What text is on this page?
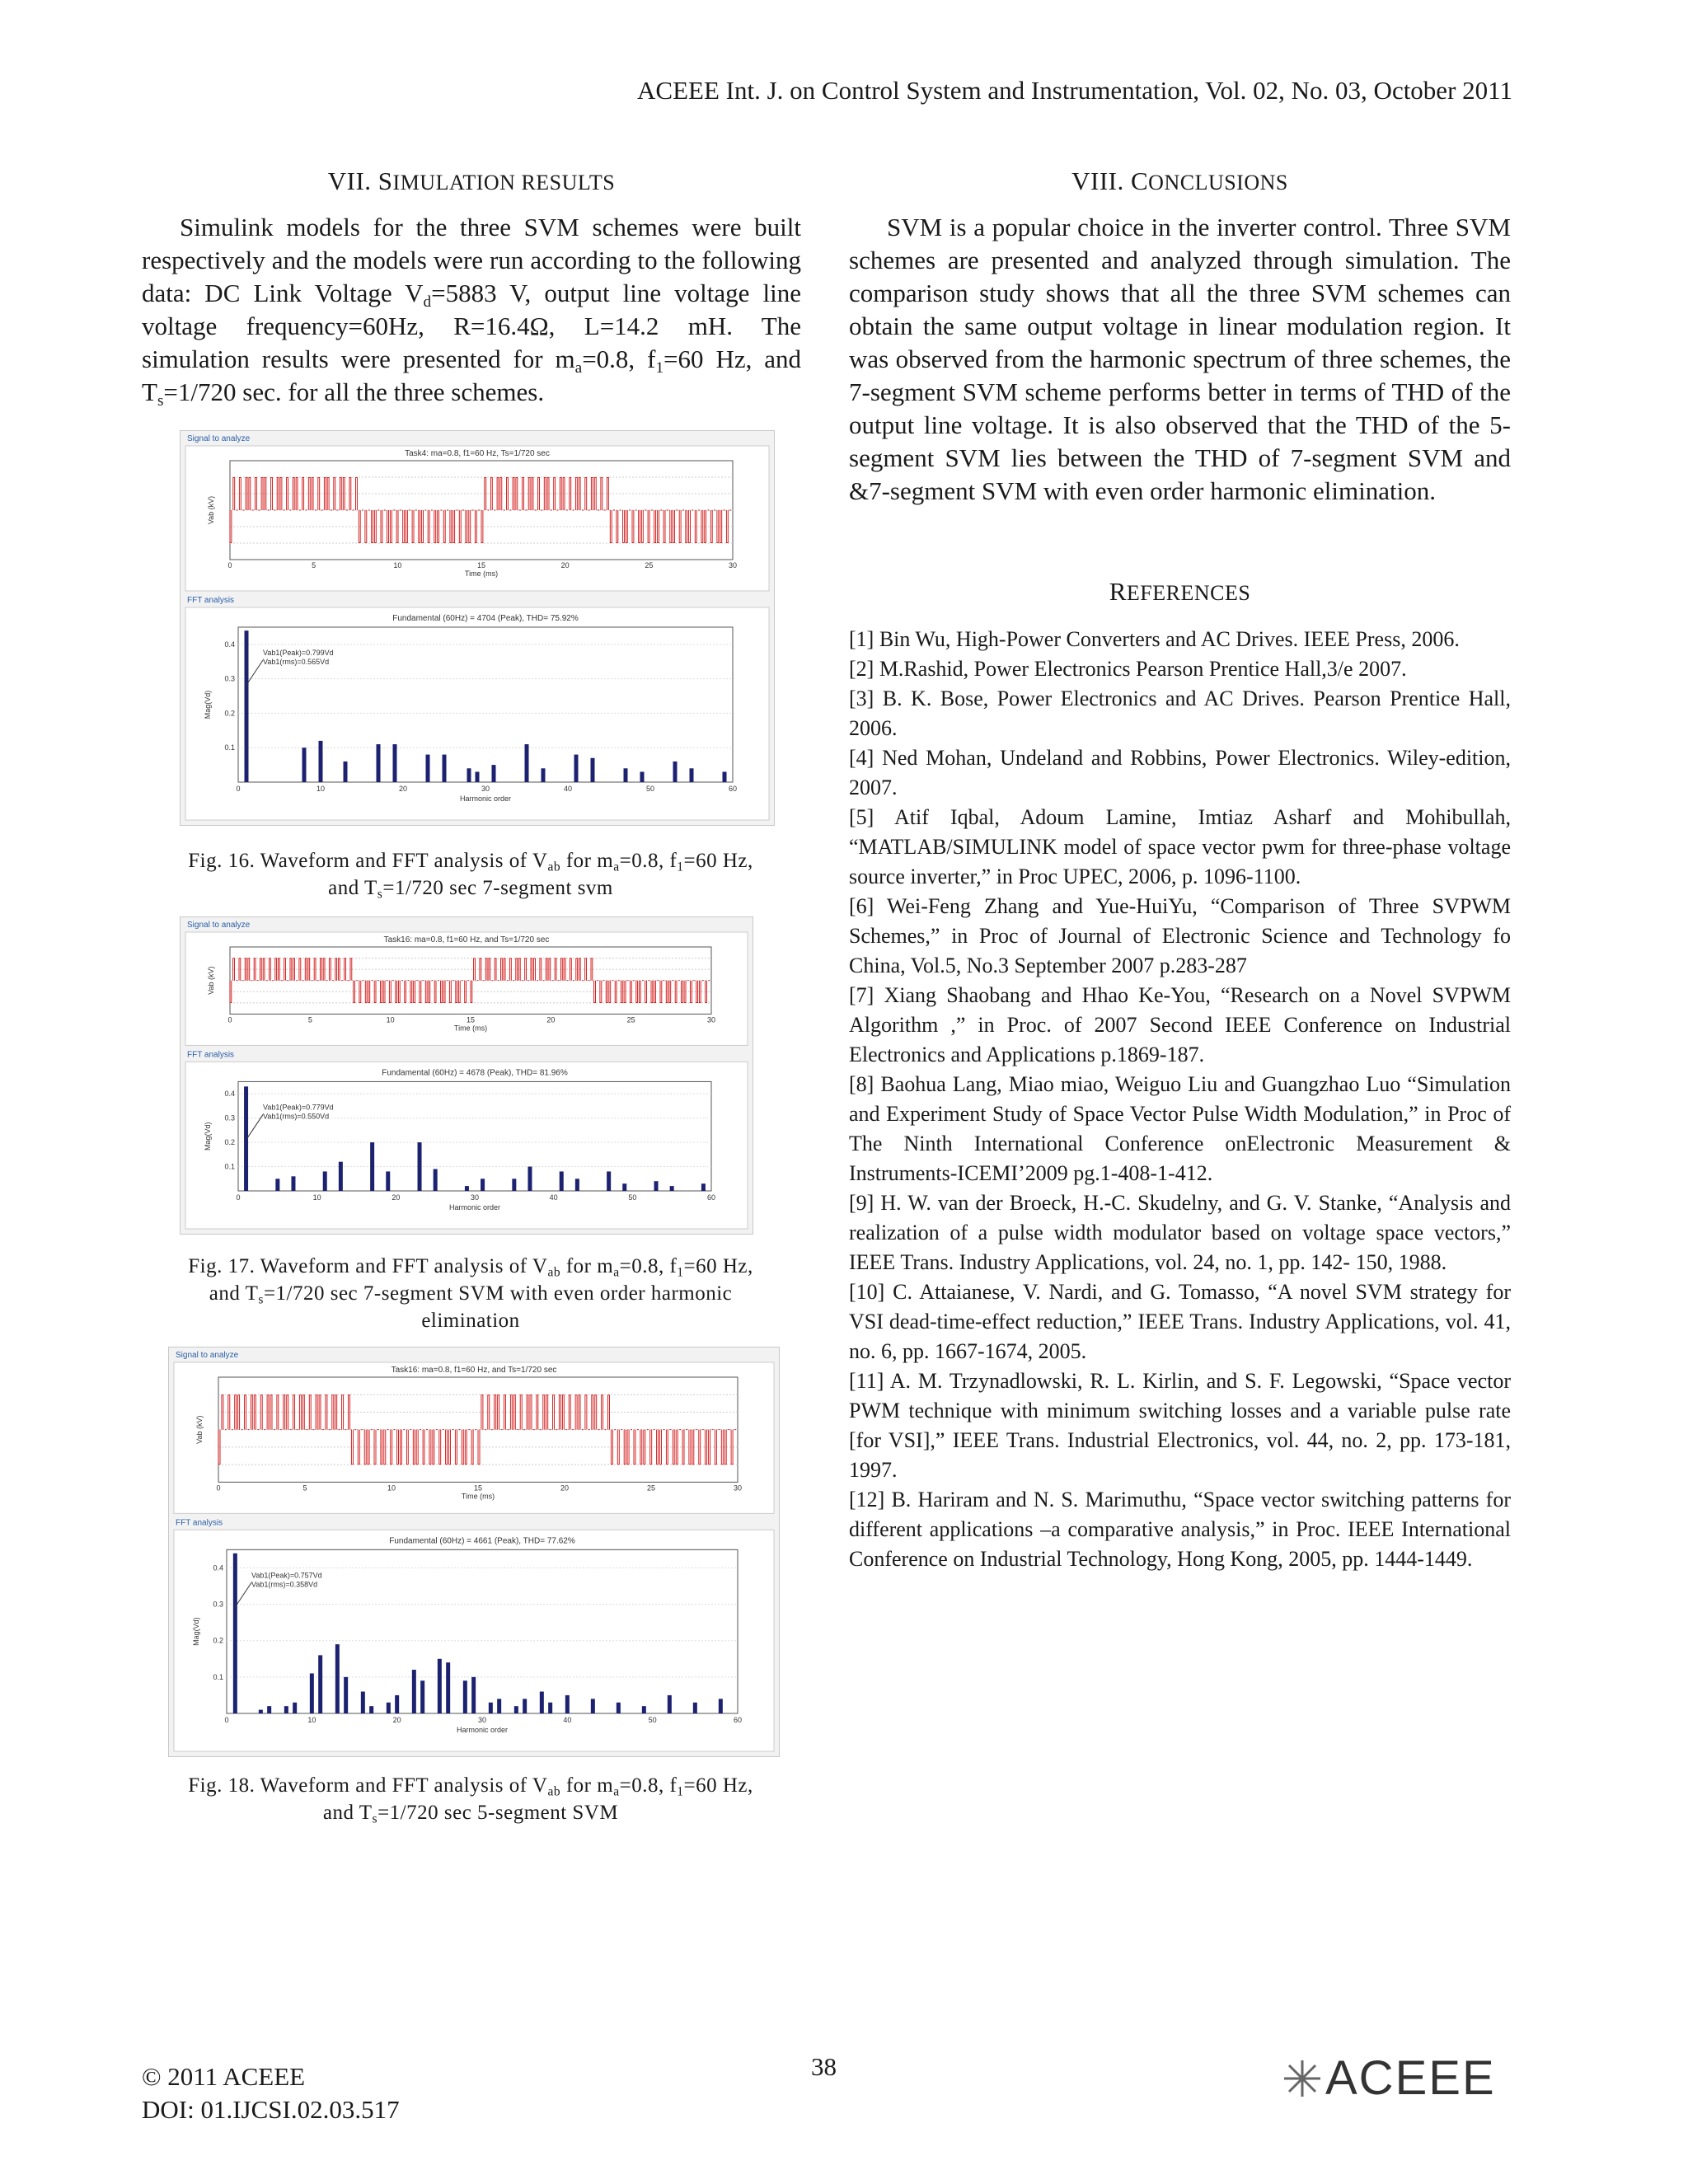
ACEEE Int. J. on Control System and Instrumentation, Vol. 02, No. 03, October 2011
VII. SIMULATION RESULTS

Simulink models for the three SVM schemes were built respectively and the models were run according to the following data: DC Link Voltage $V_d=5883$ V, output line voltage line voltage frequency=60Hz, R=16.4Ω, L=14.2 mH. The simulation results were presented for $m_a=0.8$, $f_1=60$ Hz, and $T_s=1/720$ sec. for all the three schemes.

VIII. CONCLUSIONS

SVM is a popular choice in the inverter control. Three SVM schemes are presented and analyzed through simulation. The comparison study shows that all the three SVM schemes can obtain the same output voltage in linear modulation region. It was observed from the harmonic spectrum of three schemes, the 7-segment SVM scheme performs better in terms of THD of the output line voltage. It is also observed that the THD of the 5-segment SVM lies between the THD of 7-segment SVM and &7-segment SVM with even order harmonic elimination.

REFERENCES

[1] Bin Wu, High-Power Converters and AC Drives. IEEE Press, 2006.

[2] M.Rashid, Power Electronics Pearson Prentice Hall,3/e 2007.

[3] B. K. Bose, Power Electronics and AC Drives. Pearson Prentice Hall, 2006.

[4] Ned Mohan, Undeland and Robbins, Power Electronics. Wiley-edition, 2007.

[5] Atif Iqbal, Adoum Lamine, Imtiaz Asharf and Mohibullah, “MATLAB/SIMULINK model of space vector pwm for three-phase voltage source inverter,” in Proc UPEC, 2006, p. 1096-1100.

[6] Wei-Feng Zhang and Yue-HuiYu, “Comparison of Three SVPWM Schemes,” in Proc of Journal of Electronic Science and Technology fo China, Vol.5, No.3 September 2007 p.283-287

[7] Xiang Shaobang and Hhao Ke-You, “Research on a Novel SVPWM Algorithm ,” in Proc. of 2007 Second IEEE Conference on Industrial Electronics and Applications p.1869-187.

[8] Baohua Lang, Miao miao, Weiguo Liu and Guangzhao Luo “Simulation and Experiment Study of Space Vector Pulse Width Modulation,” in Proc of The Ninth International Conference onElectronic Measurement & Instruments-ICEMI’2009 pg.1-408-1-412.

[9] H. W. van der Broeck, H.-C. Skudelny, and G. V. Stanke, “Analysis and realization of a pulse width modulator based on voltage space vectors,” IEEE Trans. Industry Applications, vol. 24, no. 1, pp. 142- 150, 1988.

[10] C. Attaianese, V. Nardi, and G. Tomasso, “A novel SVM strategy for VSI dead-time-effect reduction,” IEEE Trans. Industry Applications, vol. 41, no. 6, pp. 1667-1674, 2005.

[11] A. M. Trzynadlowski, R. L. Kirlin, and S. F. Legowski, “Space vector PWM technique with minimum switching losses and a variable pulse rate [for VSI],” IEEE Trans. Industrial Electronics, vol. 44, no. 2, pp. 173-181, 1997.

[12] B. Hariram and N. S. Marimuthu, “Space vector switching patterns for different applications –a comparative analysis,” in Proc. IEEE International Conference on Industrial Technology, Hong Kong, 2005, pp. 1444-1449.

Signal to analyze
Task4: ma=0.8, f1=60 Hz, Ts=1/720 sec
0	5	10	15	20	25	30
Time (ms)
Vab (kV)
FFT analysis
Fundamental (60Hz) = 4704 (Peak), THD= 75.92%
0.1
0.2
0.3
0.4
0	10	20	30	40	50	60
Harmonic order
Mag(Vd)
Vab1(Peak)=0.799Vd
Vab1(rms)=0.565Vd
Fig. 16. Waveform and FFT analysis of $V_{ab}$ for $m_a=0.8$, $f_1=60$ Hz,
and $T_s=1/720$ sec 7-segment svm
Signal to analyze
Task16: ma=0.8, f1=60 Hz, and Ts=1/720 sec
0	5	10	15	20	25	30
Time (ms)
Vab (kV)
FFT analysis
Fundamental (60Hz) = 4678 (Peak), THD= 81.96%
0.1
0.2
0.3
0.4
0	10	20	30	40	50	60
Harmonic order
Mag(Vd)
Vab1(Peak)=0.779Vd
Vab1(rms)=0.550Vd
Fig. 17. Waveform and FFT analysis of $V_{ab}$ for $m_a=0.8$, $f_1=60$ Hz,
and $T_s=1/720$ sec 7-segment SVM with even order harmonic
elimination
Signal to analyze
Task16: ma=0.8, f1=60 Hz, and Ts=1/720 sec
0	5	10	15	20	25	30
Time (ms)
Vab (kV)
FFT analysis
Fundamental (60Hz) = 4661 (Peak), THD= 77.62%
0.1
0.2
0.3
0.4
0	10	20	30	40	50	60
Harmonic order
Mag(Vd)
Vab1(Peak)=0.757Vd
Vab1(rms)=0.358Vd
Fig. 18. Waveform and FFT analysis of $V_{ab}$ for $m_a=0.8$, $f_1=60$ Hz,
and $T_s=1/720$ sec 5-segment SVM
© 2011 ACEEE
DOI: 01.IJCSI.02.03.517
38	ACEEE
